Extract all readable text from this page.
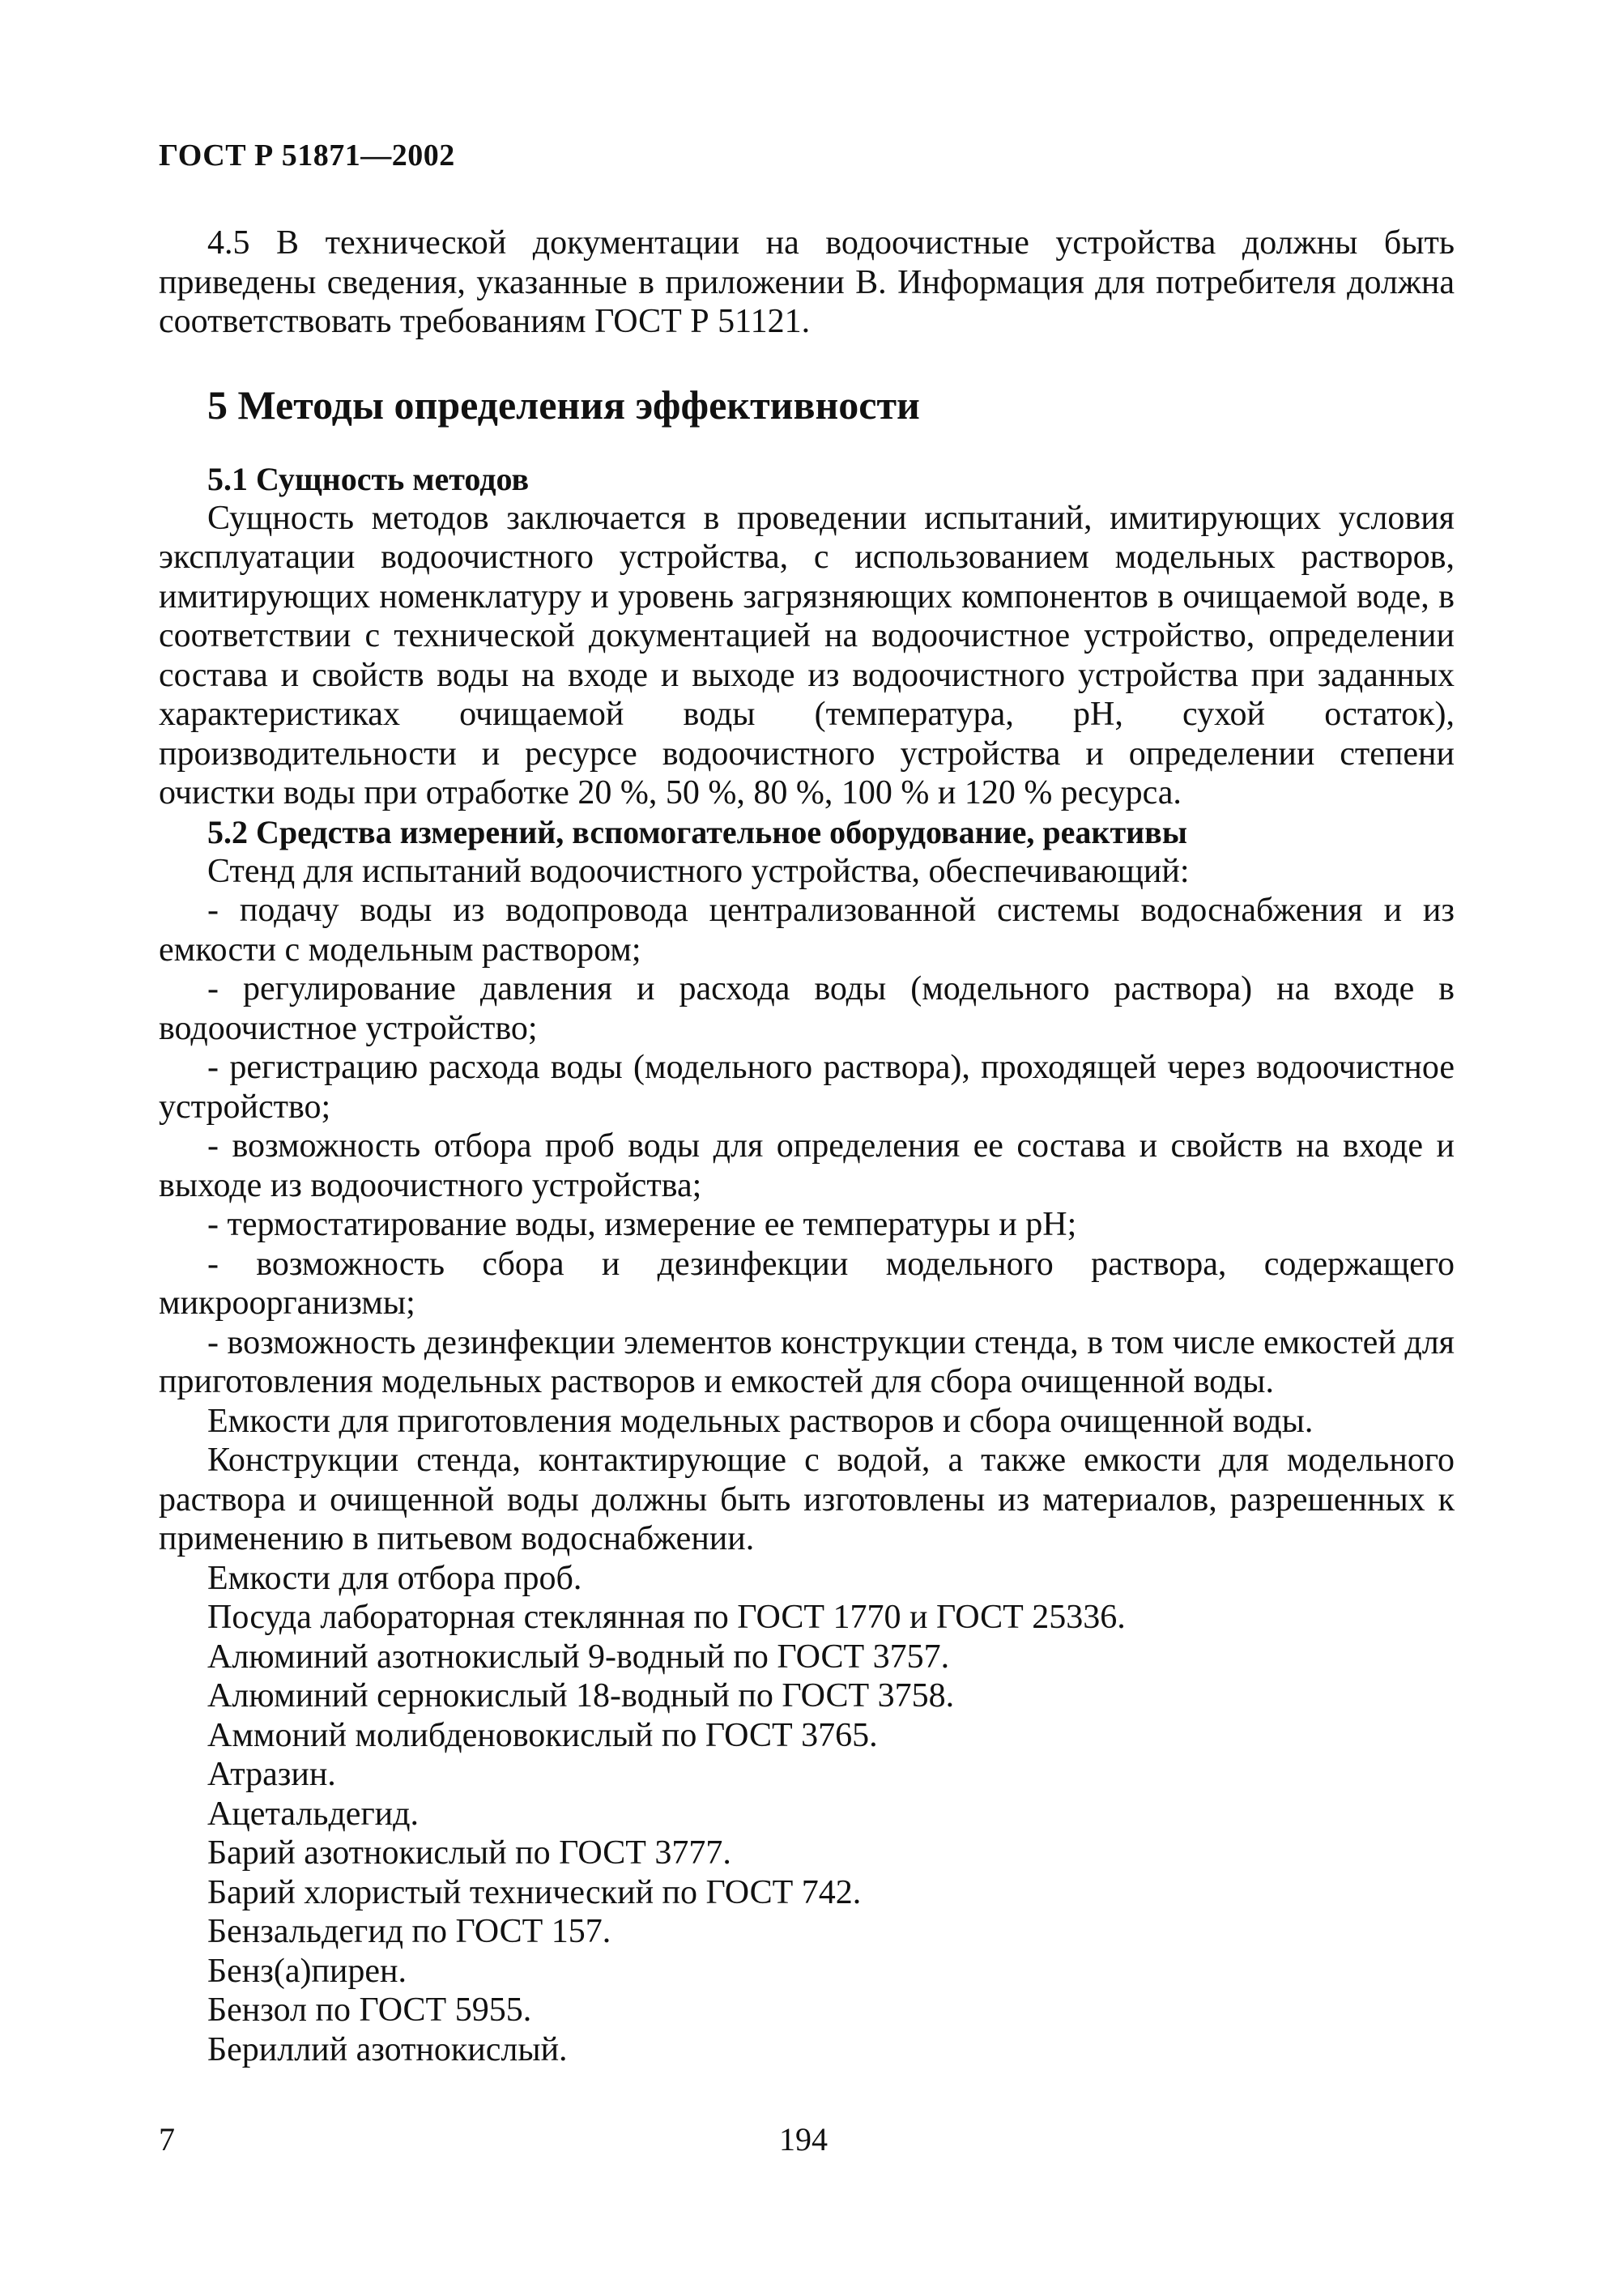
ГОСТ Р 51871—2002

4.5 В технической документации на водоочистные устройства должны быть приведены сведения, указанные в приложении В. Информация для потребителя должна соответствовать требованиям ГОСТ Р 51121.

5 Методы определения эффективности
5.1 Сущность методов

Сущность методов заключается в проведении испытаний, имитирующих условия эксплуатации водоочистного устройства, с использованием модельных растворов, имитирующих номенклатуру и уровень загрязняющих компонентов в очищаемой воде, в соответствии с технической документацией на водоочистное устройство, определении состава и свойств воды на входе и выходе из водоочистного устройства при заданных характеристиках очищаемой воды (температура, pH, сухой остаток), производительности и ресурсе водоочистного устройства и определении степени очистки воды при отработке 20 %, 50 %, 80 %, 100 % и 120 % ресурса.

5.2 Средства измерений, вспомогательное оборудование, реактивы

Стенд для испытаний водоочистного устройства, обеспечивающий:

- подачу воды из водопровода централизованной системы водоснабжения и из емкости с модельным раствором;

- регулирование давления и расхода воды (модельного раствора) на входе в водоочистное устройство;

- регистрацию расхода воды (модельного раствора), проходящей через водоочистное устройство;

- возможность отбора проб воды для определения ее состава и свойств на входе и выходе из водоочистного устройства;

- термостатирование воды, измерение ее температуры и pH;

- возможность сбора и дезинфекции модельного раствора, содержащего микроорганизмы;

- возможность дезинфекции элементов конструкции стенда, в том числе емкостей для приготовления модельных растворов и емкостей для сбора очищенной воды.

Емкости для приготовления модельных растворов и сбора очищенной воды.

Конструкции стенда, контактирующие с водой, а также емкости для модельного раствора и очищенной воды должны быть изготовлены из материалов, разрешенных к применению в питьевом водоснабжении.

Емкости для отбора проб.

Посуда лабораторная стеклянная по ГОСТ 1770 и ГОСТ 25336.

Алюминий азотнокислый 9-водный по ГОСТ 3757.

Алюминий сернокислый 18-водный по ГОСТ 3758.

Аммоний молибденовокислый по ГОСТ 3765.

Атразин.

Ацетальдегид.

Барий азотнокислый по ГОСТ 3777.

Барий хлористый технический по ГОСТ 742.

Бензальдегид по ГОСТ 157.

Бенз(а)пирен.

Бензол по ГОСТ 5955.

Бериллий азотнокислый.

7	194
